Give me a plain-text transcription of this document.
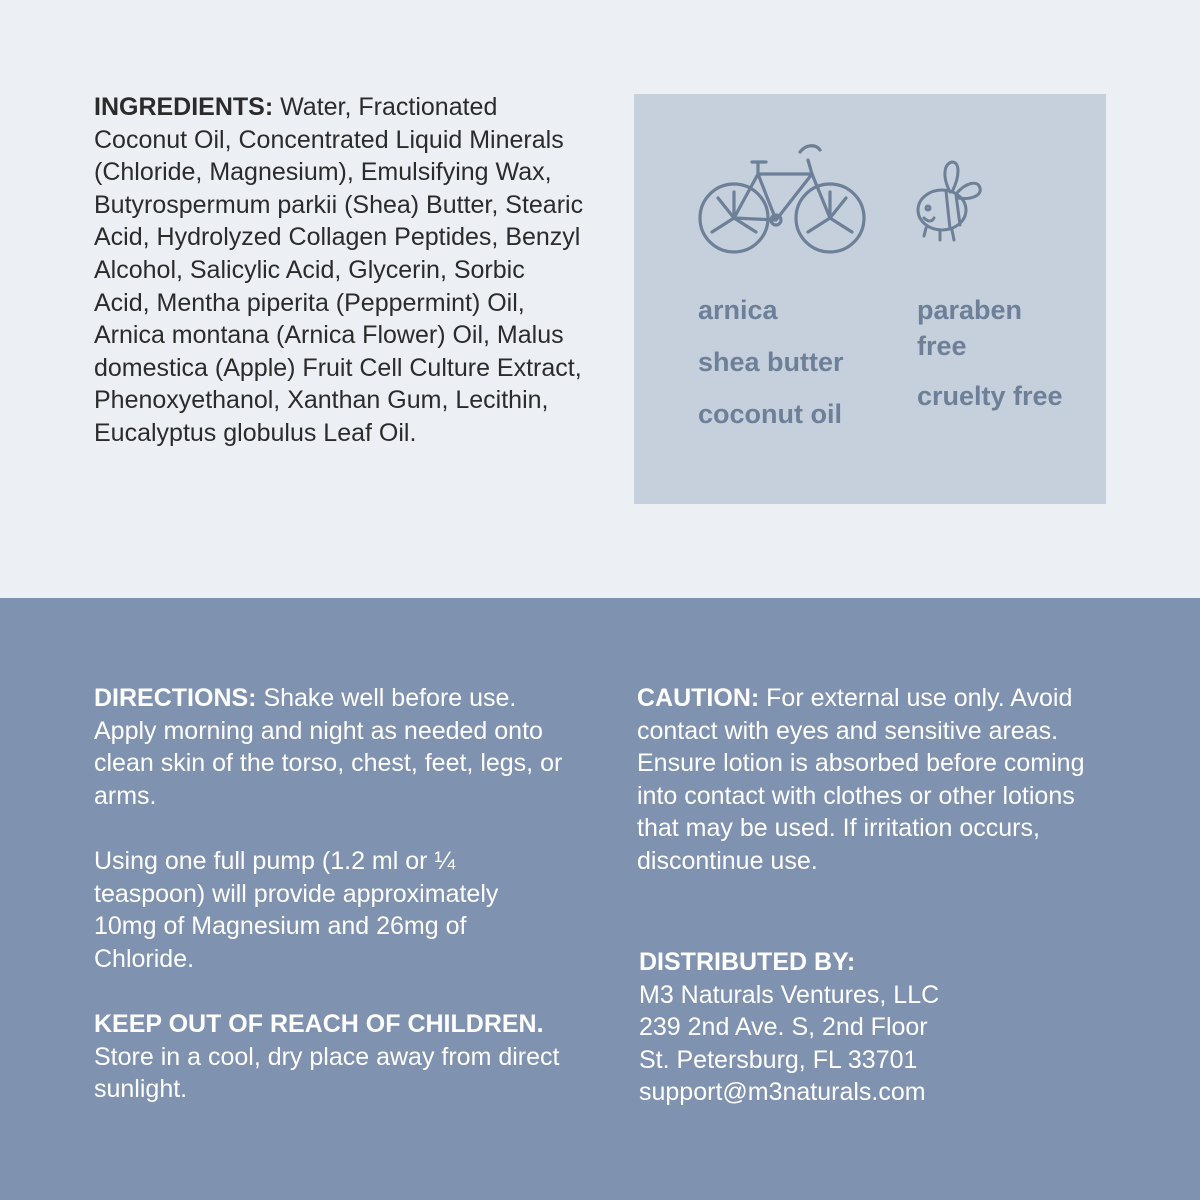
INGREDIENTS: Water, Fractionated Coconut Oil, Concentrated Liquid Minerals (Chloride, Magnesium), Emulsifying Wax, Butyrospermum parkii (Shea) Butter, Stearic Acid, Hydrolyzed Collagen Peptides, Benzyl Alcohol, Salicylic Acid, Glycerin, Sorbic Acid, Mentha piperita (Peppermint) Oil, Arnica montana (Arnica Flower) Oil, Malus domestica (Apple) Fruit Cell Culture Extract, Phenoxyethanol, Xanthan Gum, Lecithin, Eucalyptus globulus Leaf Oil.

arnica

shea butter

coconut oil

paraben free

cruelty free

DIRECTIONS: Shake well before use. Apply morning and night as needed onto clean skin of the torso, chest, feet, legs, or arms.

Using one full pump (1.2 ml or ¼ teaspoon) will provide approximately 10mg of Magnesium and 26mg of Chloride.

KEEP OUT OF REACH OF CHILDREN. Store in a cool, dry place away from direct sunlight.

CAUTION: For external use only. Avoid contact with eyes and sensitive areas. Ensure lotion is absorbed before coming into contact with clothes or other lotions that may be used. If irritation occurs, discontinue use.

DISTRIBUTED BY:
M3 Naturals Ventures, LLC
239 2nd Ave. S, 2nd Floor
St. Petersburg, FL 33701
support@m3naturals.com
